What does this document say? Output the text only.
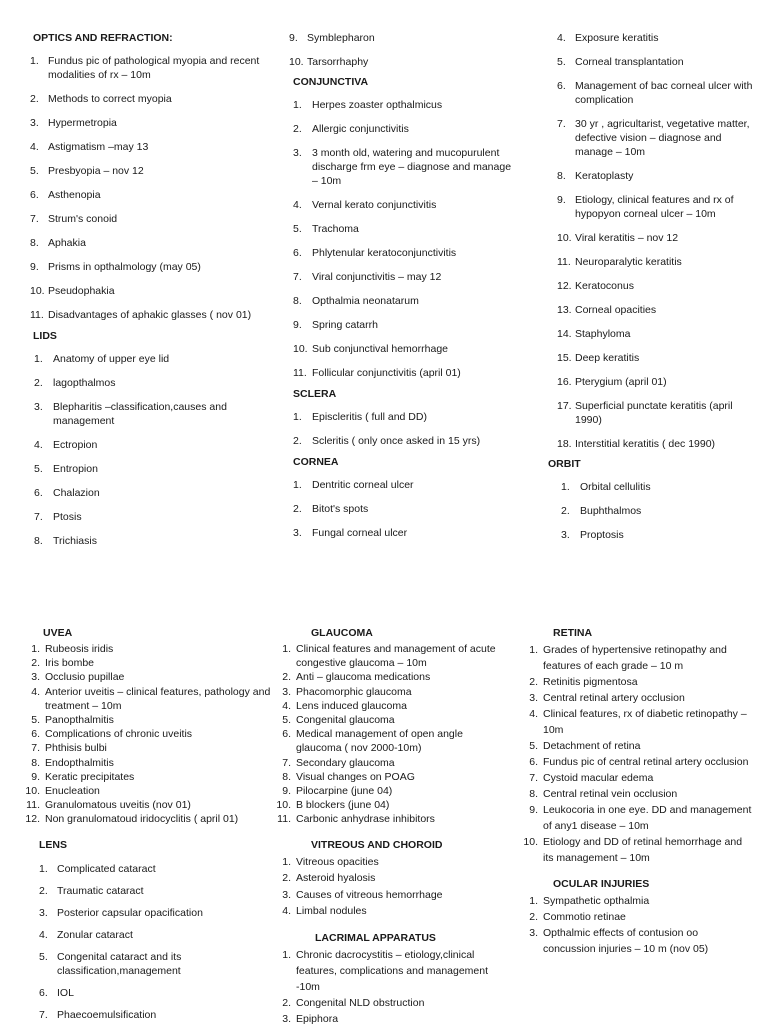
OPTICS AND REFRACTION:
1. Fundus pic of pathological myopia and recent modalities of rx – 10m
2. Methods to correct myopia
3. Hypermetropia
4. Astigmatism –may 13
5. Presbyopia – nov 12
6. Asthenopia
7. Strum's conoid
8. Aphakia
9. Prisms in opthalmology (may 05)
10. Pseudophakia
11. Disadvantages of aphakic glasses ( nov 01)
LIDS
1. Anatomy of upper eye lid
2. lagopthalmos
3. Blepharitis –classification,causes and management
4. Ectropion
5. Entropion
6. Chalazion
7. Ptosis
8. Trichiasis
9. Symblepharon
10. Tarsorrhaphy
CONJUNCTIVA
1. Herpes zoaster opthalmicus
2. Allergic conjunctivitis
3. 3 month old, watering and mucopurulent discharge frm eye – diagnose and manage – 10m
4. Vernal kerato conjunctivitis
5. Trachoma
6. Phlytenular keratoconjunctivitis
7. Viral conjunctivitis – may 12
8. Opthalmia neonatarum
9. Spring catarrh
10. Sub conjunctival hemorrhage
11. Follicular conjunctivitis (april 01)
SCLERA
1. Episcleritis ( full and DD)
2. Scleritis ( only once asked in 15 yrs)
CORNEA
1. Dentritic corneal ulcer
2. Bitot's spots
3. Fungal corneal ulcer
4. Exposure keratitis
5. Corneal transplantation
6. Management of bac corneal ulcer with complication
7. 30 yr , agricultarist, vegetative matter, defective vision – diagnose and manage – 10m
8. Keratoplasty
9. Etiology, clinical features and rx of hypopyon corneal ulcer – 10m
10. Viral keratitis – nov 12
11. Neuroparalytic keratitis
12. Keratoconus
13. Corneal opacities
14. Staphyloma
15. Deep keratitis
16. Pterygium (april 01)
17. Superficial punctate keratitis (april 1990)
18. Interstitial keratitis ( dec 1990)
ORBIT
1. Orbital cellulitis
2. Buphthalmos
3. Proptosis
UVEA
1. Rubeosis iridis
2. Iris bombe
3. Occlusio pupillae
4. Anterior uveitis – clinical features, pathology and treatment – 10m
5. Panopthalmitis
6. Complications of chronic uveitis
7. Phthisis bulbi
8. Endopthalmitis
9. Keratic precipitates
10. Enucleation
11. Granulomatous uveitis (nov 01)
12. Non granulomatoud iridocyclitis ( april 01)
LENS
1. Complicated cataract
2. Traumatic cataract
3. Posterior capsular opacification
4. Zonular cataract
5. Congenital cataract and its classification,management
6. IOL
7. Phaecoemulsification
GLAUCOMA
1. Clinical features and management of acute congestive glaucoma – 10m
2. Anti – glaucoma medications
3. Phacomorphic glaucoma
4. Lens induced glaucoma
5. Congenital glaucoma
6. Medical management of open angle glaucoma ( nov 2000-10m)
7. Secondary glaucoma
8. Visual changes on POAG
9. Pilocarpine (june 04)
10. B blockers (june 04)
11. Carbonic anhydrase inhibitors
VITREOUS AND CHOROID
1. Vitreous opacities
2. Asteroid hyalosis
3. Causes of vitreous hemorrhage
4. Limbal nodules
LACRIMAL APPARATUS
1. Chronic dacrocystitis – etiology,clinical features, complications and management -10m
2. Congenital NLD obstruction
3. Epiphora
RETINA
1. Grades of hypertensive retinopathy and features of each grade – 10 m
2. Retinitis pigmentosa
3. Central retinal artery occlusion
4. Clinical features, rx of diabetic retinopathy – 10m
5. Detachment of retina
6. Fundus pic of central retinal artery occlusion
7. Cystoid macular edema
8. Central retinal vein occlusion
9. Leukocoria in one eye. DD and management of any1 disease – 10m
10. Etiology and DD of retinal hemorrhage and its management – 10m
OCULAR INJURIES
1. Sympathetic opthalmia
2. Commotio retinae
3. Opthalmic effects of contusion oo concussion injuries – 10 m (nov 05)
